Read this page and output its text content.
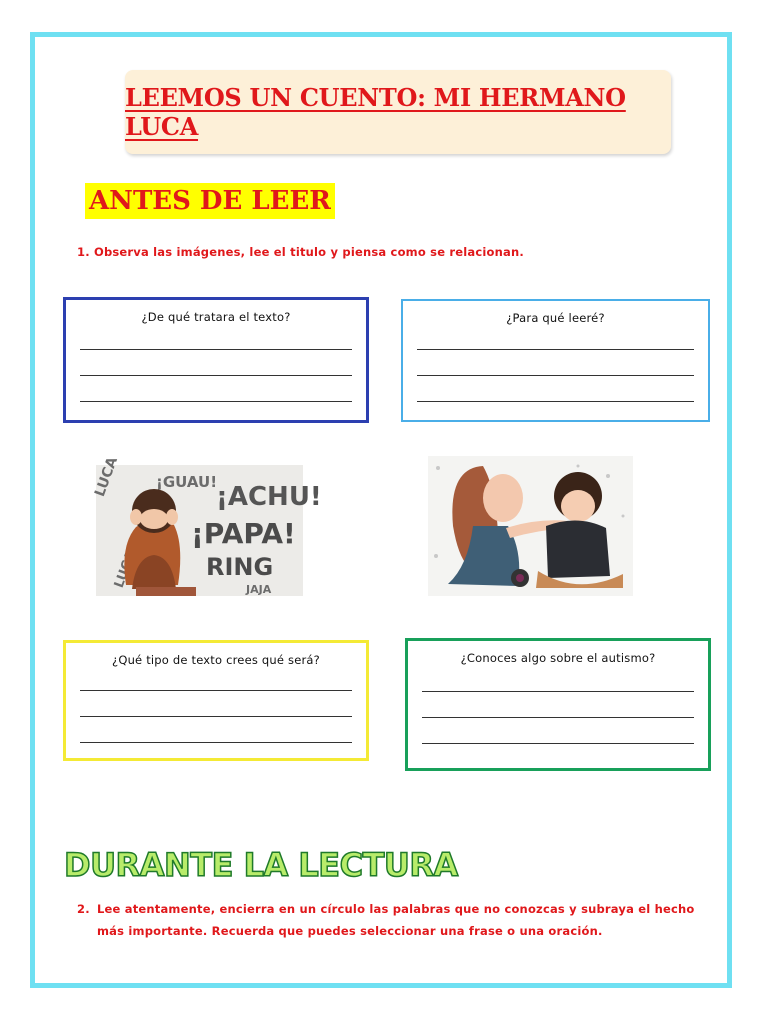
LEEMOS UN CUENTO: MI HERMANO LUCA
ANTES DE LEER
1. Observa las imágenes, lee el titulo y piensa como se relacionan.
¿De qué tratara el texto?	¿Para qué leeré?
LUCA ¡GUAU!
¡ACHU!
¡PAPA!
RING
JAJA
¿Qué tipo de texto crees qué será?	¿Conoces algo sobre el autismo?
DURANTE LA LECTURA
2. Lee atentamente, encierra en un círculo las palabras que no conozcas y subraya el hecho
más importante. Recuerda que puedes seleccionar una frase o una oración.
